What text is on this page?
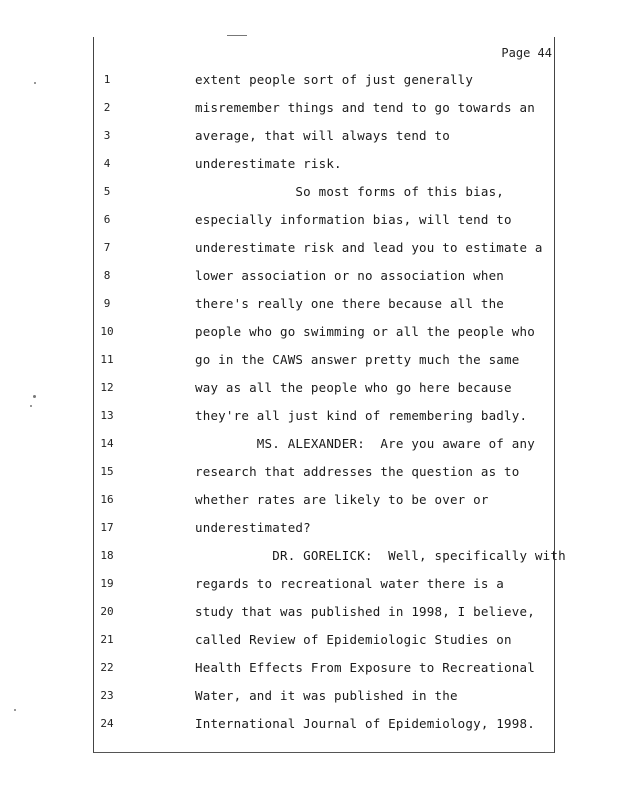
Page 44
1	extent people sort of just generally
2	misremember things and tend to go towards an
3	average, that will always tend to
4	underestimate risk.
5	So most forms of this bias,
6	especially information bias, will tend to
7	underestimate risk and lead you to estimate a
8	lower association or no association when
9	there's really one there because all the
10	people who go swimming or all the people who
11	go in the CAWS answer pretty much the same
12	way as all the people who go here because
13	they're all just kind of remembering badly.
14	MS. ALEXANDER:  Are you aware of any
15	research that addresses the question as to
16	whether rates are likely to be over or
17	underestimated?
18	DR. GORELICK:  Well, specifically with
19	regards to recreational water there is a
20	study that was published in 1998, I believe,
21	called Review of Epidemiologic Studies on
22	Health Effects From Exposure to Recreational
23	Water, and it was published in the
24	International Journal of Epidemiology, 1998.
